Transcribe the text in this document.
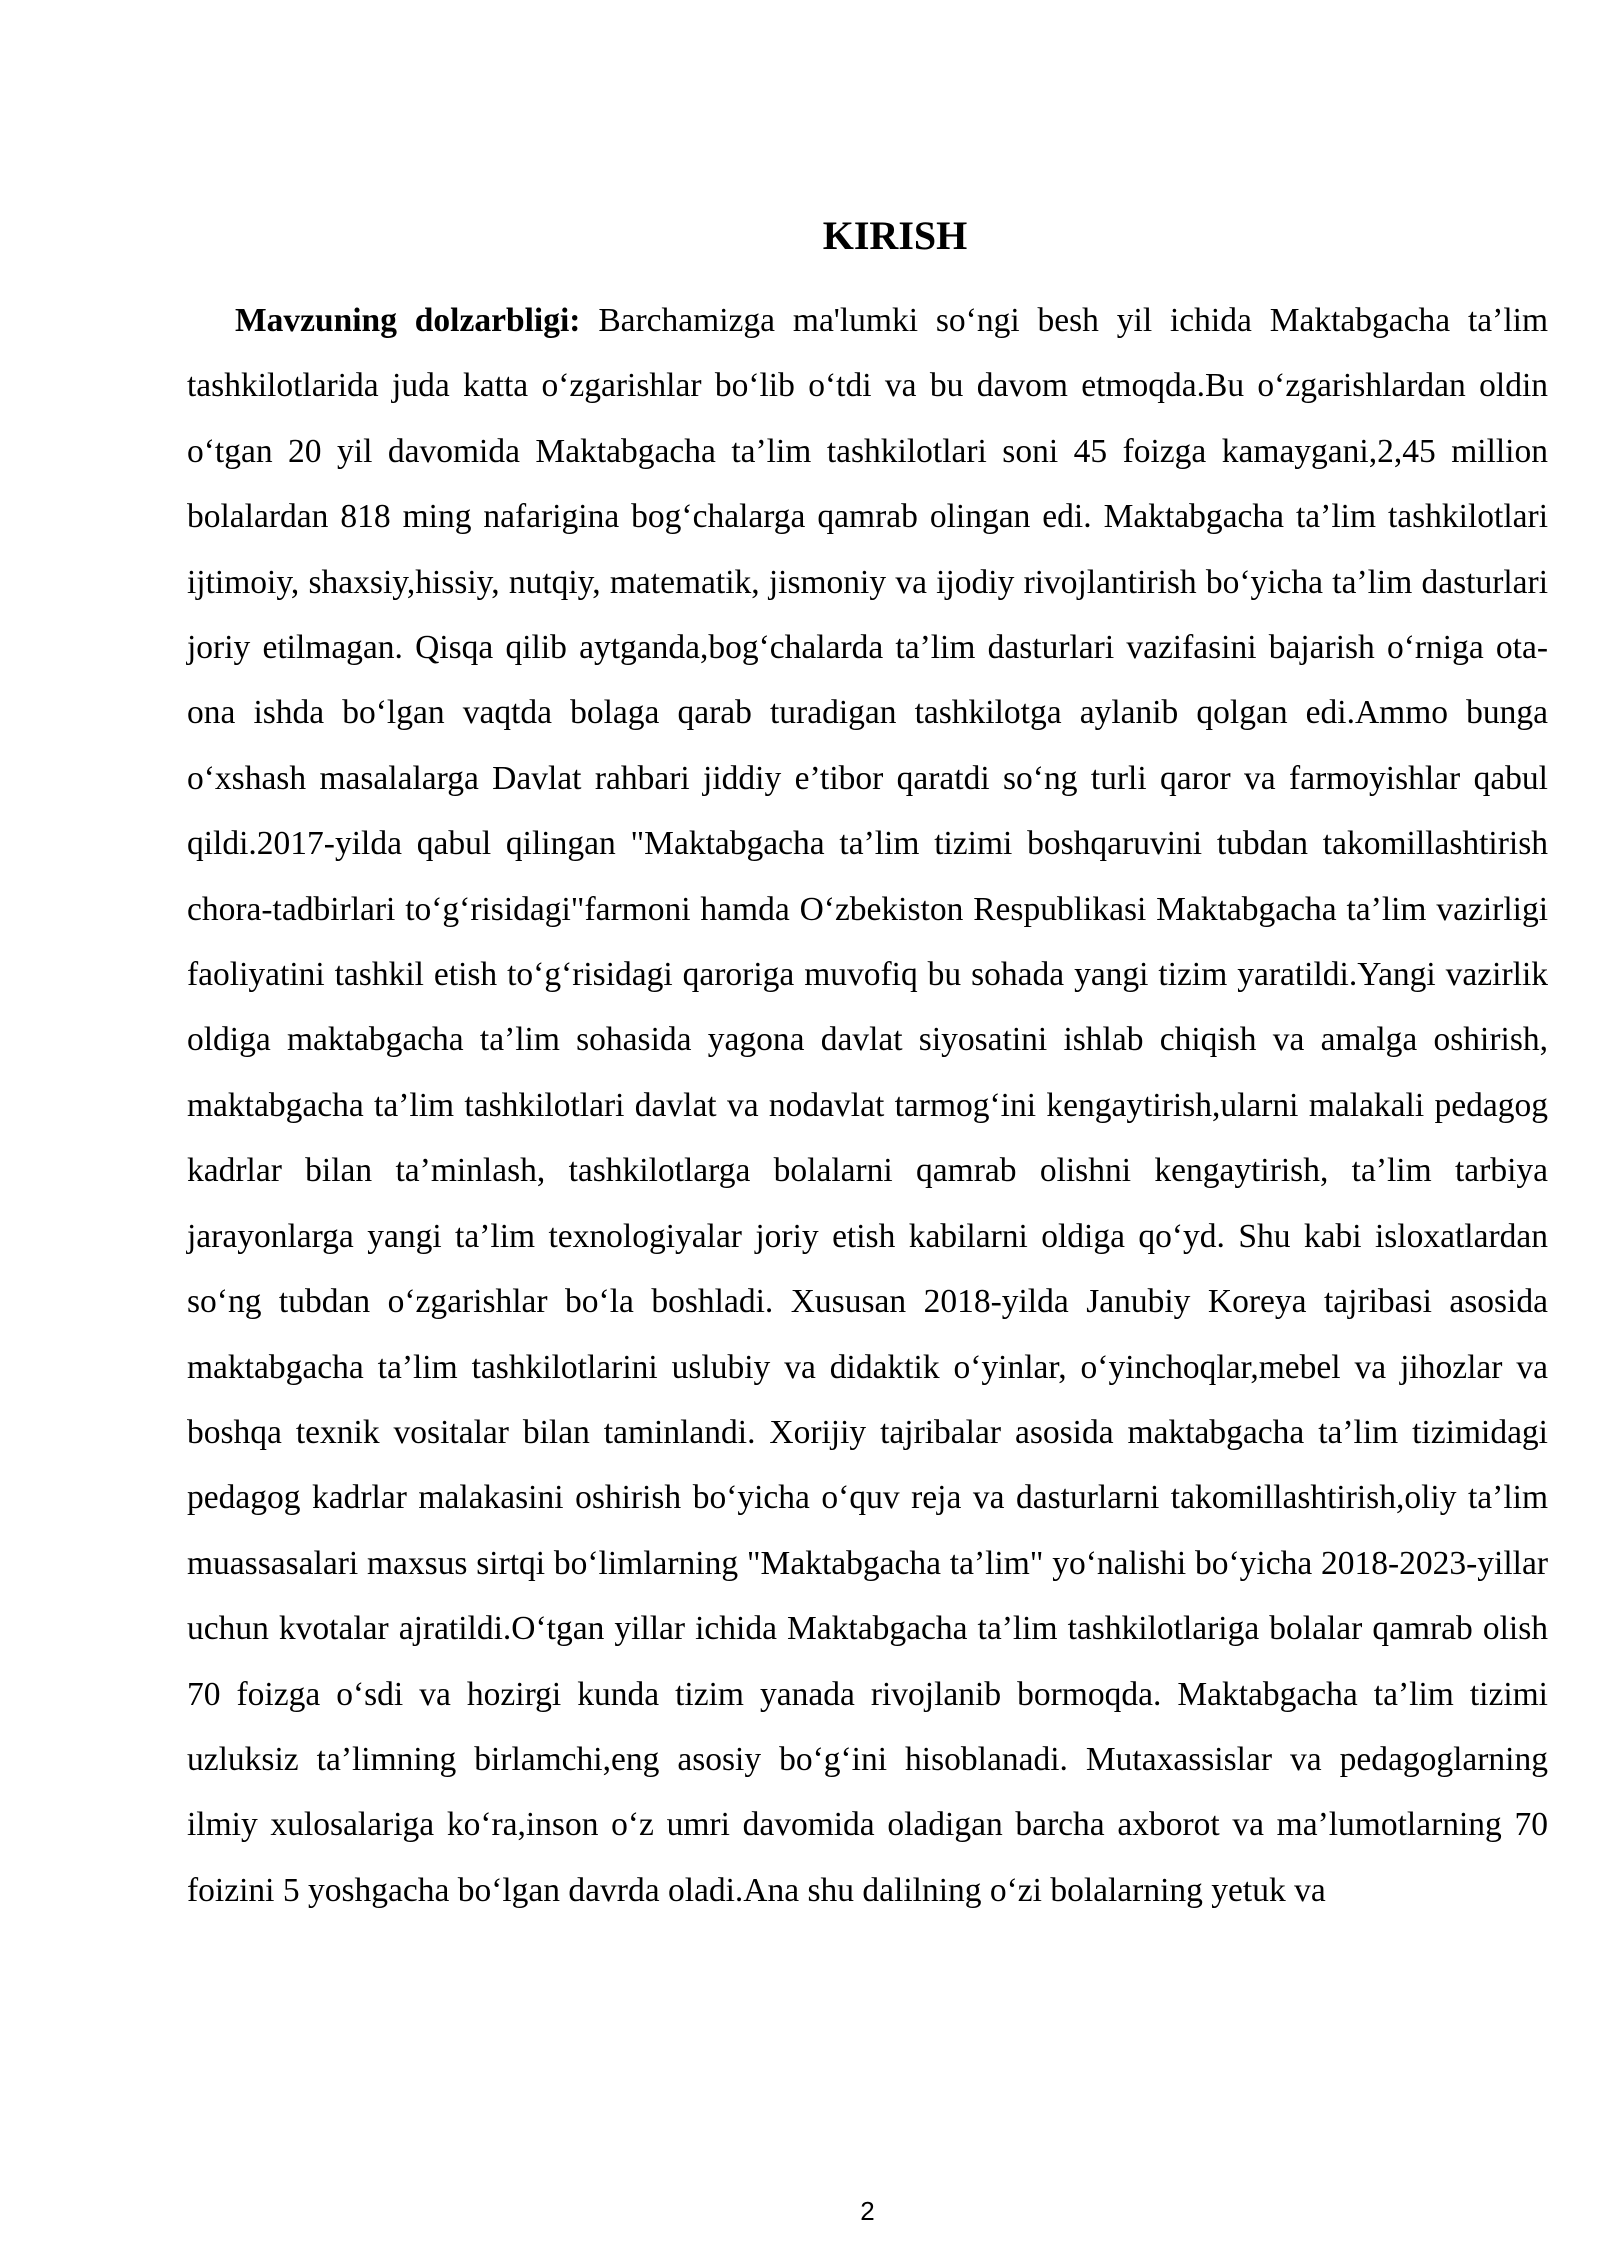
KIRISH

Mavzuning dolzarbligi: Barchamizga ma'lumki so‘ngi besh yil ichida Maktabgacha ta’lim tashkilotlarida juda katta o‘zgarishlar bo‘lib o‘tdi va bu davom etmoqda.Bu o‘zgarishlardan oldin o‘tgan 20 yil davomida Maktabgacha ta’lim tashkilotlari soni 45 foizga kamaygani,2,45 million bolalardan 818 ming nafarigina bog‘chalarga qamrab olingan edi. Maktabgacha ta’lim tashkilotlari ijtimoiy, shaxsiy,hissiy, nutqiy, matematik, jismoniy va ijodiy rivojlantirish bo‘yicha ta’lim dasturlari joriy etilmagan. Qisqa qilib aytganda,bog‘chalarda ta’lim dasturlari vazifasini bajarish o‘rniga ota-ona ishda bo‘lgan vaqtda bolaga qarab turadigan tashkilotga aylanib qolgan edi.Ammo bunga o‘xshash masalalarga Davlat rahbari jiddiy e’tibor qaratdi so‘ng turli qaror va farmoyishlar qabul qildi.2017-yilda qabul qilingan "Maktabgacha ta’lim tizimi boshqaruvini tubdan takomillashtirish chora-tadbirlari to‘g‘risidagi"farmoni hamda O‘zbekiston Respublikasi Maktabgacha ta’lim vazirligi faoliyatini tashkil etish to‘g‘risidagi qaroriga muvofiq bu sohada yangi tizim yaratildi.Yangi vazirlik oldiga maktabgacha ta’lim sohasida yagona davlat siyosatini ishlab chiqish va amalga oshirish, maktabgacha ta’lim tashkilotlari davlat va nodavlat tarmog‘ini kengaytirish,ularni malakali pedagog kadrlar bilan ta’minlash, tashkilotlarga bolalarni qamrab olishni kengaytirish, ta’lim tarbiya jarayonlarga yangi ta’lim texnologiyalar joriy etish kabilarni oldiga qo‘yd. Shu kabi isloxatlardan so‘ng tubdan o‘zgarishlar bo‘la boshladi. Xususan 2018-yilda Janubiy Koreya tajribasi asosida maktabgacha ta’lim tashkilotlarini uslubiy va didaktik o‘yinlar, o‘yinchoqlar,mebel va jihozlar va boshqa texnik vositalar bilan taminlandi. Xorijiy tajribalar asosida maktabgacha ta’lim tizimidagi pedagog kadrlar malakasini oshirish bo‘yicha o‘quv reja va dasturlarni takomillashtirish,oliy ta’lim muassasalari maxsus sirtqi bo‘limlarning "Maktabgacha ta’lim" yo‘nalishi bo‘yicha 2018-2023-yillar uchun kvotalar ajratildi.O‘tgan yillar ichida Maktabgacha ta’lim tashkilotlariga bolalar qamrab olish 70 foizga o‘sdi va hozirgi kunda tizim yanada rivojlanib bormoqda. Maktabgacha ta’lim tizimi uzluksiz ta’limning birlamchi,eng asosiy bo‘g‘ini hisoblanadi. Mutaxassislar va pedagoglarning ilmiy xulosalariga ko‘ra,inson o‘z umri davomida oladigan barcha axborot va ma’lumotlarning 70 foizini 5 yoshgacha bo‘lgan davrda oladi.Ana shu dalilning o‘zi bolalarning yetuk va

2
